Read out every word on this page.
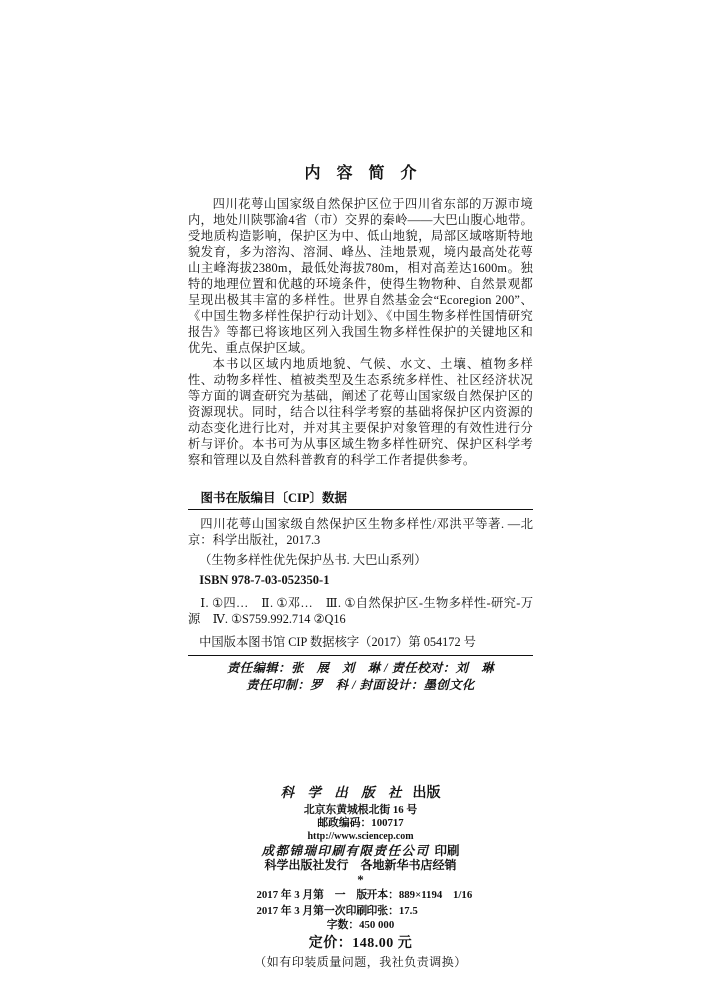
内　容　简　介

四川花萼山国家级自然保护区位于四川省东部的万源市境内，地处川陕鄂渝4省（市）交界的秦岭——大巴山腹心地带。受地质构造影响，保护区为中、低山地貌，局部区域喀斯特地貌发育，多为溶沟、溶洞、峰丛、洼地景观，境内最高处花萼山主峰海拔2380m，最低处海拔780m，相对高差达1600m。独特的地理位置和优越的环境条件，使得生物物种、自然景观都呈现出极其丰富的多样性。世界自然基金会“Ecoregion 200”、《中国生物多样性保护行动计划》、《中国生物多样性国情研究报告》等都已将该地区列入我国生物多样性保护的关键地区和优先、重点保护区域。

本书以区域内地质地貌、气候、水文、土壤、植物多样性、动物多样性、植被类型及生态系统多样性、社区经济状况等方面的调查研究为基础，阐述了花萼山国家级自然保护区的资源现状。同时，结合以往科学考察的基础将保护区内资源的动态变化进行比对，并对其主要保护对象管理的有效性进行分析与评价。本书可为从事区域生物多样性研究、保护区科学考察和管理以及自然科普教育的科学工作者提供参考。

图书在版编目〔CIP〕数据

四川花萼山国家级自然保护区生物多样性/邓洪平等著. —北京：科学出版社，2017.3

（生物多样性优先保护丛书. 大巴山系列）

ISBN 978-7-03-052350-1

Ⅰ. ①四…　Ⅱ. ①邓…　Ⅲ. ①自然保护区-生物多样性-研究-万源　Ⅳ. ①S759.992.714 ②Q16

中国版本图书馆 CIP 数据核字（2017）第 054172 号

责任编辑：张　展　刘　琳 / 责任校对：刘　琳

责任印制：罗　科 / 封面设计：墨创文化

科 学 出 版 社 出版

北京东黄城根北街 16 号

邮政编码：100717

http://www.sciencep.com

成都锦瑞印刷有限责任公司 印刷

科学出版社发行　各地新华书店经销

*

2017 年 3 月第　一　版 开本：889×1194　1/16
2017 年 3 月第一次印刷 印张：17.5

字数：450 000

定价：148.00 元

（如有印装质量问题，我社负责调换）
